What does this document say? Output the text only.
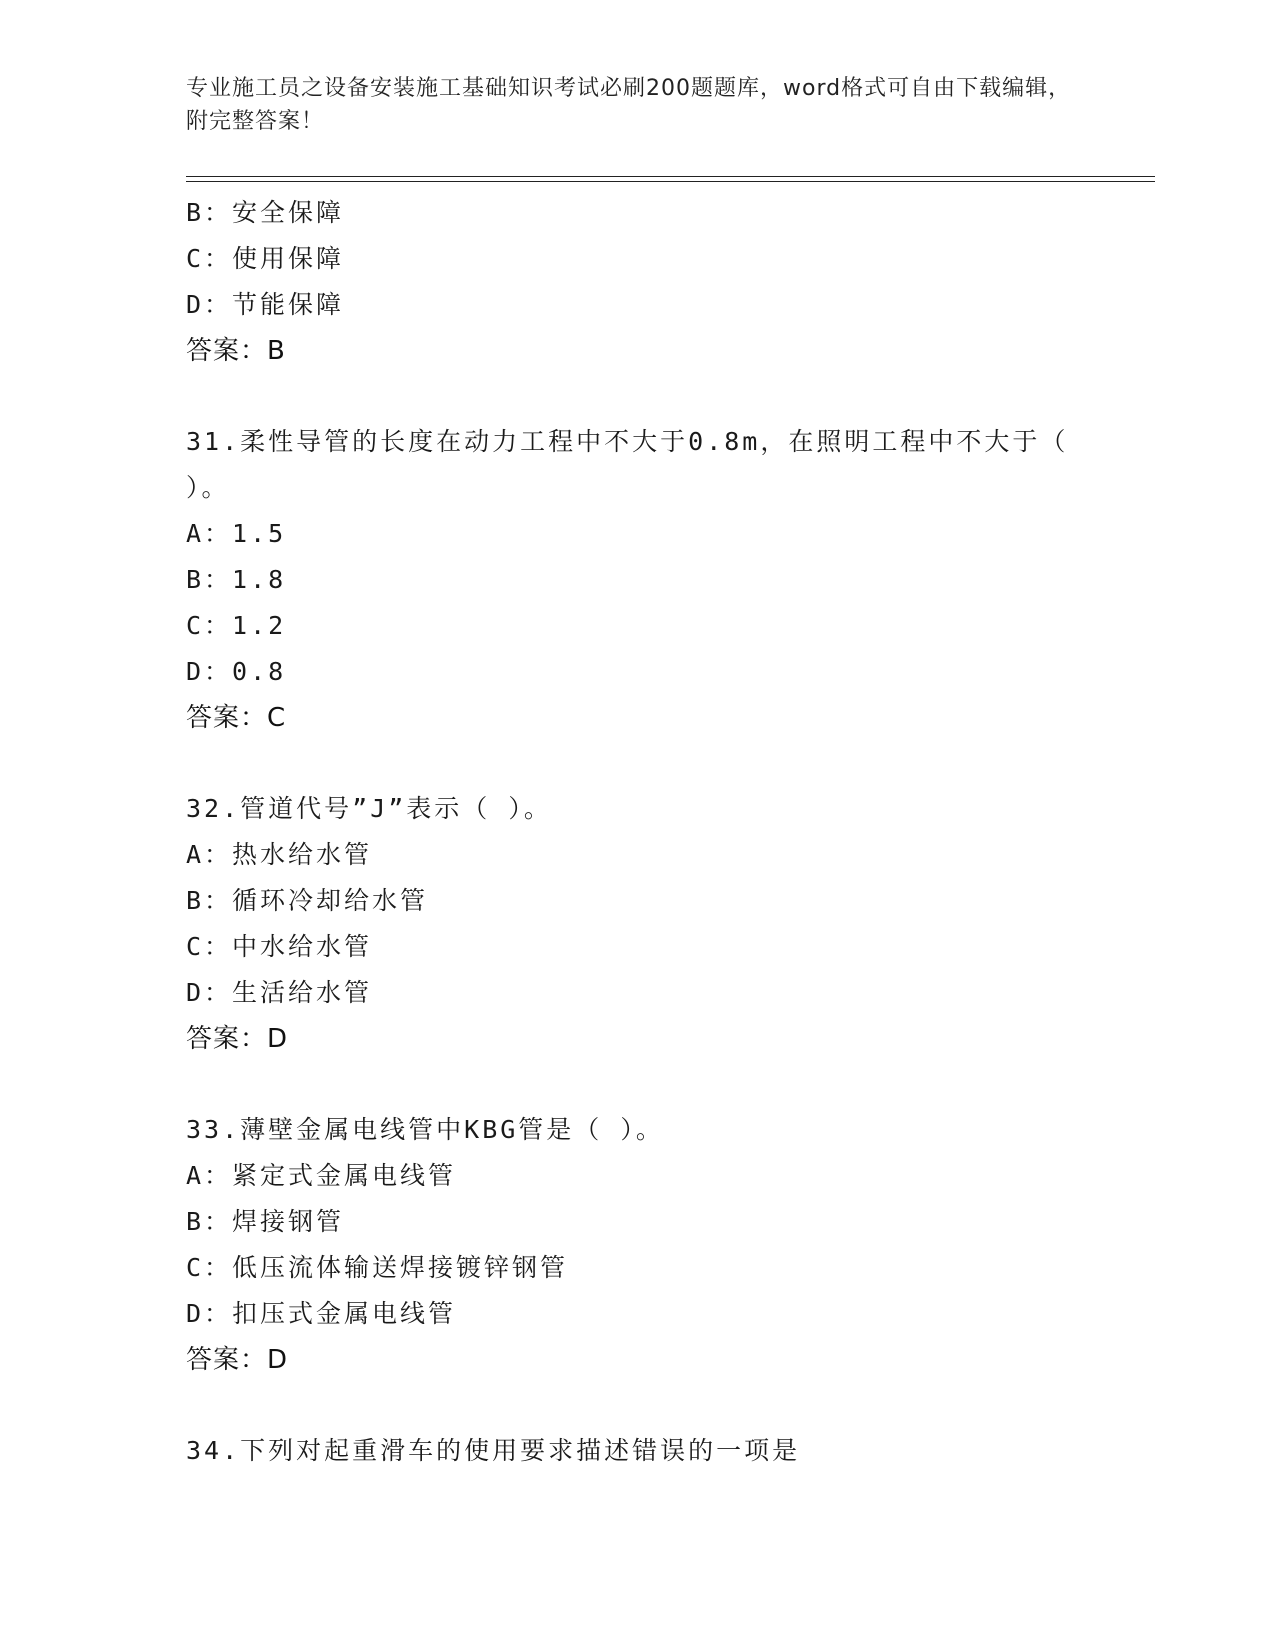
专业施工员之设备安装施工基础知识考试必刷200题题库，word格式可自由下载编辑，附完整答案！
B：安全保障
C：使用保障
D：节能保障
答案：B
31.柔性导管的长度在动力工程中不大于0.8m，在照明工程中不大于（ ）。
A：1.5
B：1.8
C：1.2
D：0.8
答案：C
32.管道代号”J”表示（ ）。
A：热水给水管
B：循环冷却给水管
C：中水给水管
D：生活给水管
答案：D
33.薄壁金属电线管中KBG管是（ ）。
A：紧定式金属电线管
B：焊接钢管
C：低压流体输送焊接镀锌钢管
D：扣压式金属电线管
答案：D
34.下列对起重滑车的使用要求描述错误的一项是
